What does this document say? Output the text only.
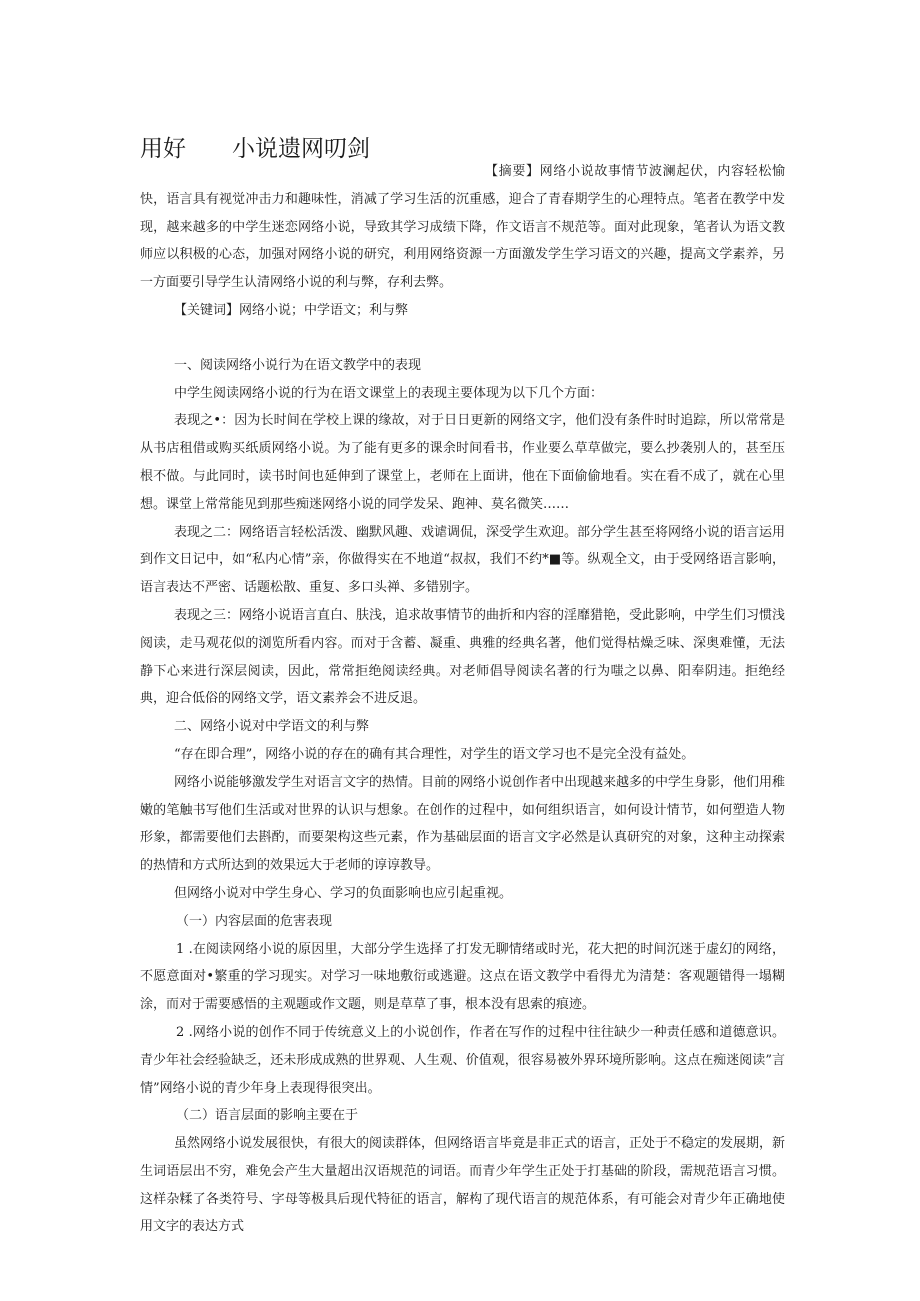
用好 小说遗网叨剑

【摘要】网络小说故事情节波澜起伏，内容轻松愉快，语言具有视觉冲击力和趣味性，消减了学习生活的沉重感，迎合了青春期学生的心理特点。笔者在教学中发现，越来越多的中学生迷恋网络小说，导致其学习成绩下降，作文语言不规范等。面对此现象，笔者认为语文教师应以积极的心态，加强对网络小说的研究，利用网络资源一方面激发学生学习语文的兴趣，提高文学素养，另一方面要引导学生认清网络小说的利与弊，存利去弊。

【关键词】网络小说；中学语文；利与弊

一、阅读网络小说行为在语文教学中的表现

中学生阅读网络小说的行为在语文课堂上的表现主要体现为以下几个方面：

表现之•：因为长时间在学校上课的缘故，对于日日更新的网络文字，他们没有条件时时追踪，所以常常是从书店租借或购买纸质网络小说。为了能有更多的课余时间看书，作业要么草草做完，要么抄袭别人的，甚至压根不做。与此同时，读书时间也延伸到了课堂上，老师在上面讲，他在下面偷偷地看。实在看不成了，就在心里想。课堂上常常能见到那些痴迷网络小说的同学发呆、跑神、莫名微笑……

表现之二：网络语言轻松活泼、幽默风趣、戏谑调侃，深受学生欢迎。部分学生甚至将网络小说的语言运用到作文日记中，如“私内心情”亲，你做得实在不地道“叔叔，我们不约*■等。纵观全文，由于受网络语言影响，语言表达不严密、话题松散、重复、多口头禅、多错别字。

表现之三：网络小说语言直白、肤浅，追求故事情节的曲折和内容的淫靡猎艳，受此影响，中学生们习惯浅阅读，走马观花似的浏览所看内容。而对于含蓄、凝重、典雅的经典名著，他们觉得枯燥乏味、深奥难懂，无法静下心来进行深层阅读，因此，常常拒绝阅读经典。对老师倡导阅读名著的行为嗤之以鼻、阳奉阴违。拒绝经典，迎合低俗的网络文学，语文素养会不进反退。

二、网络小说对中学语文的利与弊

“存在即合理”，网络小说的存在的确有其合理性，对学生的语文学习也不是完全没有益处。

网络小说能够激发学生对语言文字的热情。目前的网络小说创作者中出现越来越多的中学生身影，他们用稚嫩的笔触书写他们生活或对世界的认识与想象。在创作的过程中，如何组织语言，如何设计情节，如何塑造人物形象，都需要他们去斟酌，而要架构这些元素，作为基础层面的语言文字必然是认真研究的对象，这种主动探索的热情和方式所达到的效果远大于老师的谆谆教导。

但网络小说对中学生身心、学习的负面影响也应引起重视。

（一）内容层面的危害表现

1 .在阅读网络小说的原因里，大部分学生选择了打发无聊情绪或时光，花大把的时间沉迷于虚幻的网络，不愿意面对•繁重的学习现实。对学习一味地敷衍或逃避。这点在语文教学中看得尤为清楚：客观题错得一塌糊涂，而对于需要感悟的主观题或作文题，则是草草了事，根本没有思索的痕迹。

2 .网络小说的创作不同于传统意义上的小说创作，作者在写作的过程中往往缺少一种责任感和道德意识。青少年社会经验缺乏，还未形成成熟的世界观、人生观、价值观，很容易被外界环境所影响。这点在痴迷阅读”言情”网络小说的青少年身上表现得很突出。

（二）语言层面的影响主要在于

虽然网络小说发展很快，有很大的阅读群体，但网络语言毕竟是非正式的语言，正处于不稳定的发展期，新生词语层出不穷，难免会产生大量超出汉语规范的词语。而青少年学生正处于打基础的阶段，需规范语言习惯。这样杂糅了各类符号、字母等极具后现代特征的语言，解构了现代语言的规范体系，有可能会对青少年正确地使用文字的表达方式
